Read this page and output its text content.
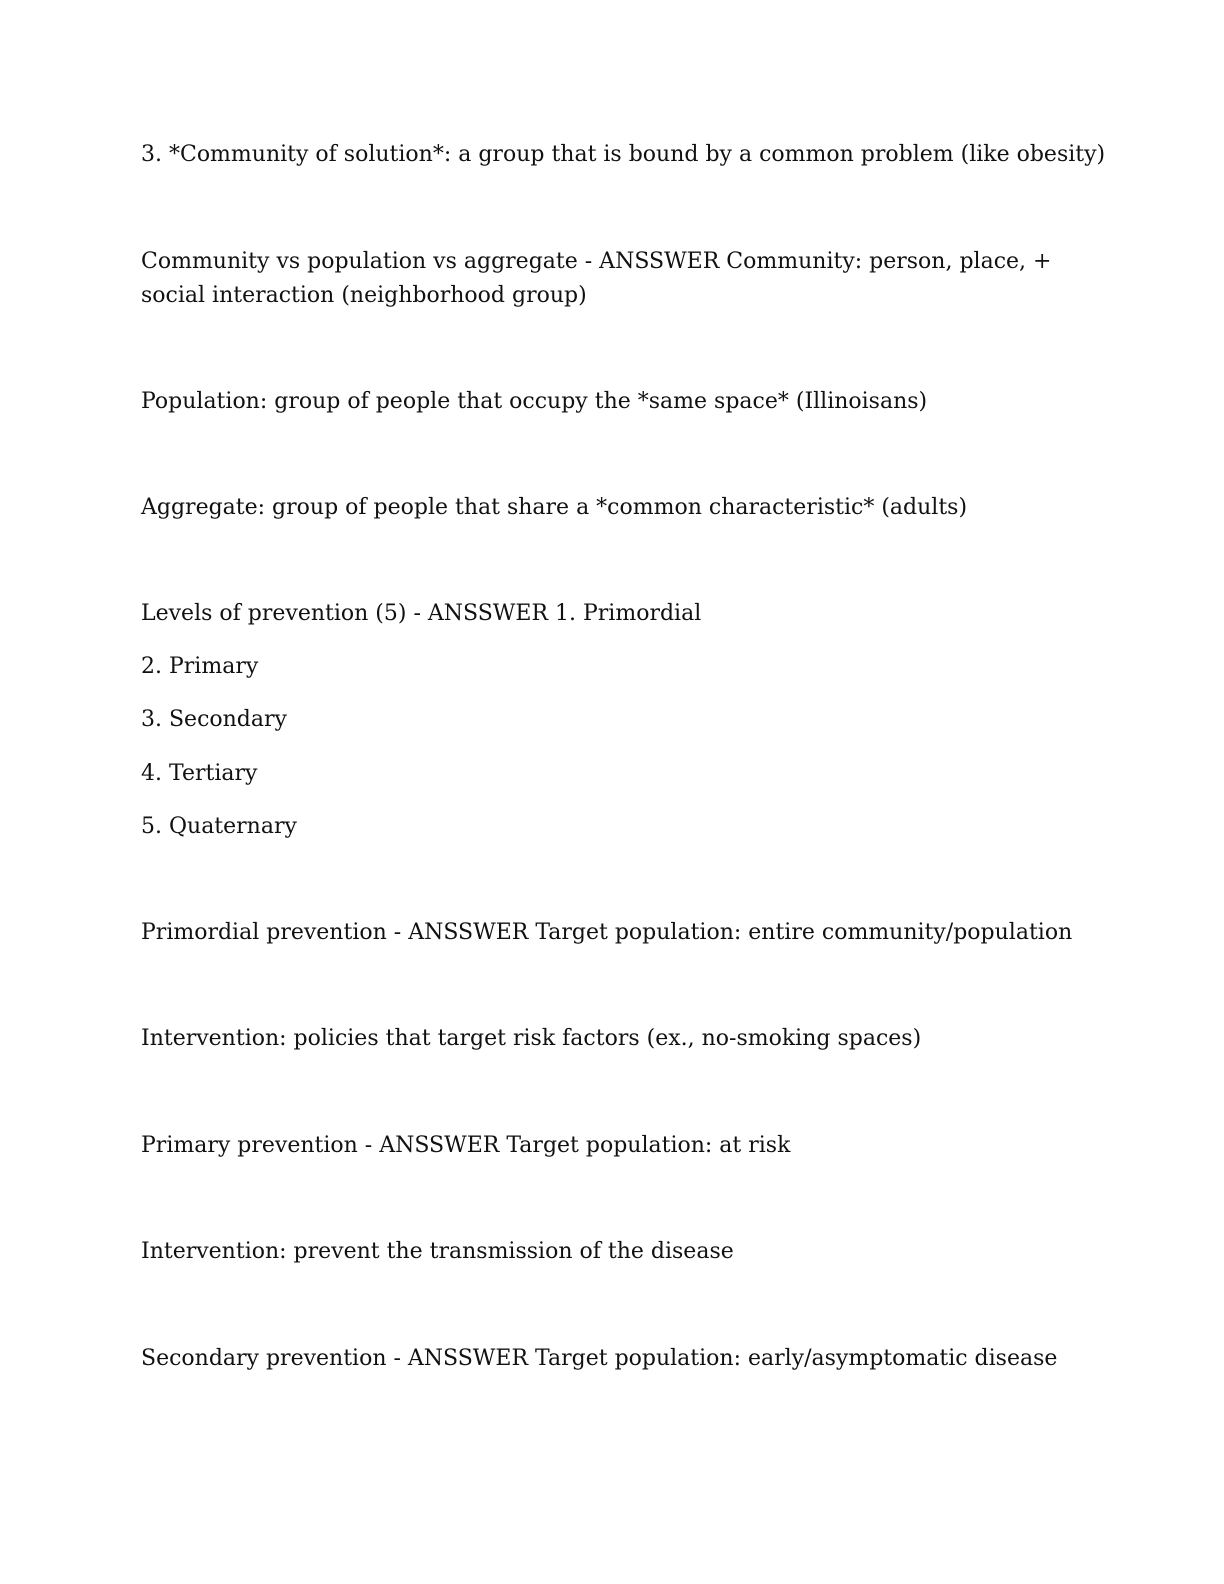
3. *Community of solution*: a group that is bound by a common problem (like obesity)
Community vs population vs aggregate - ANSSWER Community: person, place, + social interaction (neighborhood group)
Population: group of people that occupy the *same space* (Illinoisans)
Aggregate: group of people that share a *common characteristic* (adults)
Levels of prevention (5) - ANSSWER 1. Primordial
2. Primary
3. Secondary
4. Tertiary
5. Quaternary
Primordial prevention - ANSSWER Target population: entire community/population
Intervention: policies that target risk factors (ex., no-smoking spaces)
Primary prevention - ANSSWER Target population: at risk
Intervention: prevent the transmission of the disease
Secondary prevention - ANSSWER Target population: early/asymptomatic disease
